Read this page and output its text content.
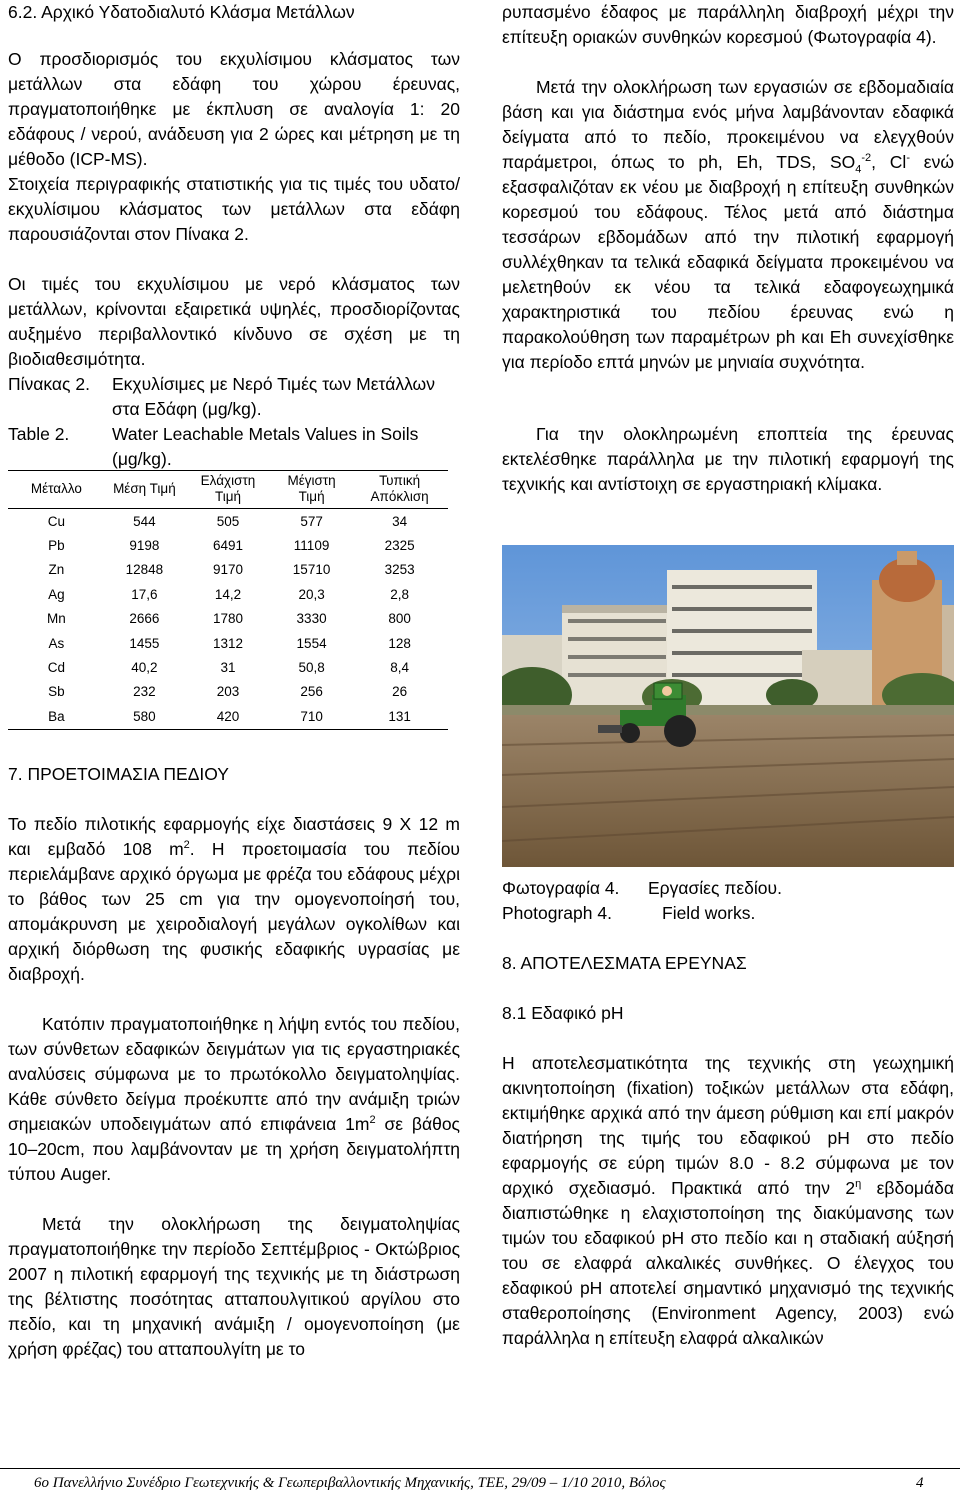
6.2. Αρχικό Υδατοδιαλυτό Κλάσμα Μετάλλων

Ο προσδιορισμός του εκχυλίσιμου κλάσματος των μετάλλων στα εδάφη του χώρου έρευνας, πραγματοποιήθηκε με έκπλυση σε αναλογία 1: 20 εδάφους / νερού, ανάδευση για 2 ώρες και μέτρηση με τη μέθοδο (ICP-MS).

Στοιχεία περιγραφικής στατιστικής για τις τιμές του υδατο/εκχυλίσιμου κλάσματος των μετάλλων στα εδάφη παρουσιάζονται στον Πίνακα 2.

Οι τιμές του εκχυλίσιμου με νερό κλάσματος των μετάλλων, κρίνονται εξαιρετικά υψηλές, προσδιορίζοντας αυξημένο περιβαλλοντικό κίνδυνο σε σχέση με τη βιοδιαθεσιμότητα.

Πίνακας 2.	Εκχυλίσιμες με Νερό Τιμές των Μετάλλων στα Εδάφη (μg/kg).
Table 2.	Water Leachable Metals Values in Soils (μg/kg).
Μέταλλο	Μέση Τιμή	Ελάχιστη Τιμή	Μέγιστη Τιμή	Τυπική Απόκλιση
Cu	544	505	577	34
Pb	9198	6491	11109	2325
Zn	12848	9170	15710	3253
Ag	17,6	14,2	20,3	2,8
Mn	2666	1780	3330	800
As	1455	1312	1554	128
Cd	40,2	31	50,8	8,4
Sb	232	203	256	26
Ba	580	420	710	131
7. ΠΡΟΕΤΟΙΜΑΣΙΑ ΠΕΔΙΟΥ

Το πεδίο πιλοτικής εφαρμογής είχε διαστάσεις 9 Χ 12 m και εμβαδό 108 $m^2$. Η προετοιμασία του πεδίου περιελάμβανε αρχικό όργωμα με φρέζα του εδάφους μέχρι το βάθος των 25 cm για την ομογενοποίησή του, απομάκρυνση με χειροδιαλογή μεγάλων ογκολίθων και αρχική διόρθωση της φυσικής εδαφικής υγρασίας με διαβροχή.

Κατόπιν πραγματοποιήθηκε η λήψη εντός του πεδίου, των σύνθετων εδαφικών δειγμάτων για τις εργαστηριακές αναλύσεις σύμφωνα με το πρωτόκολλο δειγματοληψίας. Κάθε σύνθετο δείγμα προέκυπτε από την ανάμιξη τριών σημειακών υποδειγμάτων από επιφάνεια $1m^2$ σε βάθος 10–20cm, που λαμβάνονταν με τη χρήση δειγματολήπτη τύπου Auger.

Μετά την ολοκλήρωση της δειγματοληψίας πραγματοποιήθηκε την περίοδο Σεπτέμβριος - Οκτώβριος 2007 η πιλοτική εφαρμογή της τεχνικής με τη διάστρωση της βέλτιστης ποσότητας ατταπουλγιτικού αργίλου στο πεδίο, και τη μηχανική ανάμιξη / ομογενοποίηση (με χρήση φρέζας) του ατταπουλγίτη με το

ρυπασμένο έδαφος με παράλληλη διαβροχή μέχρι την επίτευξη οριακών συνθηκών κορεσμού (Φωτογραφία 4).

Μετά την ολοκλήρωση των εργασιών σε εβδομαδιαία βάση και για διάστημα ενός μήνα λαμβάνονταν εδαφικά δείγματα από το πεδίο, προκειμένου να ελεγχθούν παράμετροι, όπως το ph, Eh, TDS, $SO_4^{-2}$, Cl- ενώ εξασφαλιζόταν εκ νέου με διαβροχή η επίτευξη συνθηκών κορεσμού του εδάφους. Τέλος μετά από διάστημα τεσσάρων εβδομάδων από την πιλοτική εφαρμογή συλλέχθηκαν τα τελικά εδαφικά δείγματα προκειμένου να μελετηθούν εκ νέου τα τελικά εδαφογεωχημικά χαρακτηριστικά του πεδίου έρευνας ενώ η παρακολούθηση των παραμέτρων ph και Eh συνεχίσθηκε για περίοδο επτά μηνών με μηνιαία συχνότητα.

Για την ολοκληρωμένη εποπτεία της έρευνας εκτελέσθηκε παράλληλα με την πιλοτική εφαρμογή της τεχνικής και αντίστοιχη σε εργαστηριακή κλίμακα.

Φωτογραφία 4.	Εργασίες πεδίου.
Photograph 4.	Field works.
8. ΑΠΟΤΕΛΕΣΜΑΤΑ ΕΡΕΥΝΑΣ
8.1 Εδαφικό pH

Η αποτελεσματικότητα της τεχνικής στη γεωχημική ακινητοποίηση (fixation) τοξικών μετάλλων στα εδάφη, εκτιμήθηκε αρχικά από την άμεση ρύθμιση και επί μακρόν διατήρηση της τιμής του εδαφικού pH στο πεδίο εφαρμογής σε εύρη τιμών 8.0 - 8.2 σύμφωνα με τον αρχικό σχεδιασμό. Πρακτικά από την $2^\eta$ εβδομάδα διαπιστώθηκε η ελαχιστοποίηση της διακύμανσης των τιμών του εδαφικού pH στο πεδίο και η σταδιακή αύξησή του σε ελαφρά αλκαλικές συνθήκες. Ο έλεγχος του εδαφικού pH αποτελεί σημαντικό μηχανισμό της τεχνικής σταθεροποίησης (Environment Agency, 2003) ενώ παράλληλα η επίτευξη ελαφρά αλκαλικών

6ο Πανελλήνιο Συνέδριο Γεωτεχνικής & Γεωπεριβαλλοντικής Μηχανικής, ΤΕΕ, 29/09 – 1/10 2010, Βόλος	4
